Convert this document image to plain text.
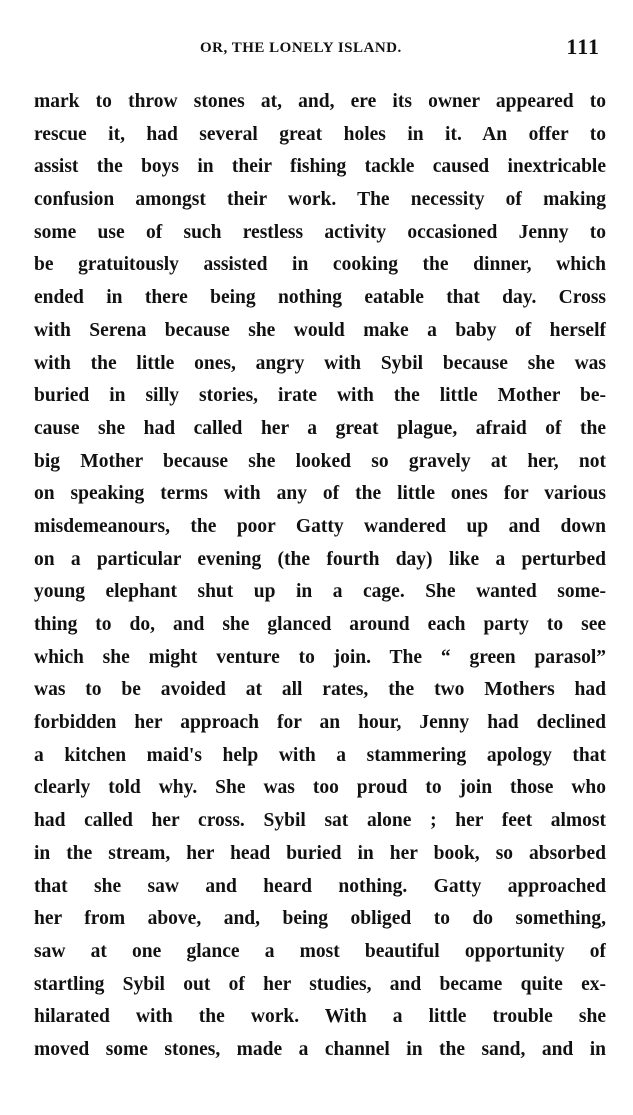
OR, THE LONELY ISLAND.	111
mark to throw stones at, and, ere its owner appeared to
rescue it, had several great holes in it. An offer to
assist the boys in their fishing tackle caused inextricable
confusion amongst their work. The necessity of making
some use of such restless activity occasioned Jenny to
be gratuitously assisted in cooking the dinner, which
ended in there being nothing eatable that day. Cross
with Serena because she would make a baby of herself
with the little ones, angry with Sybil because she was
buried in silly stories, irate with the little Mother be-
cause she had called her a great plague, afraid of the
big Mother because she looked so gravely at her, not
on speaking terms with any of the little ones for various
misdemeanours, the poor Gatty wandered up and down
on a particular evening (the fourth day) like a perturbed
young elephant shut up in a cage. She wanted some-
thing to do, and she glanced around each party to see
which she might venture to join. The “ green parasol”
was to be avoided at all rates, the two Mothers had
forbidden her approach for an hour, Jenny had declined
a kitchen maid's help with a stammering apology that
clearly told why. She was too proud to join those who
had called her cross. Sybil sat alone ; her feet almost
in the stream, her head buried in her book, so absorbed
that she saw and heard nothing. Gatty approached
her from above, and, being obliged to do something,
saw at one glance a most beautiful opportunity of
startling Sybil out of her studies, and became quite ex-
hilarated with the work. With a little trouble she
moved some stones, made a channel in the sand, and in
